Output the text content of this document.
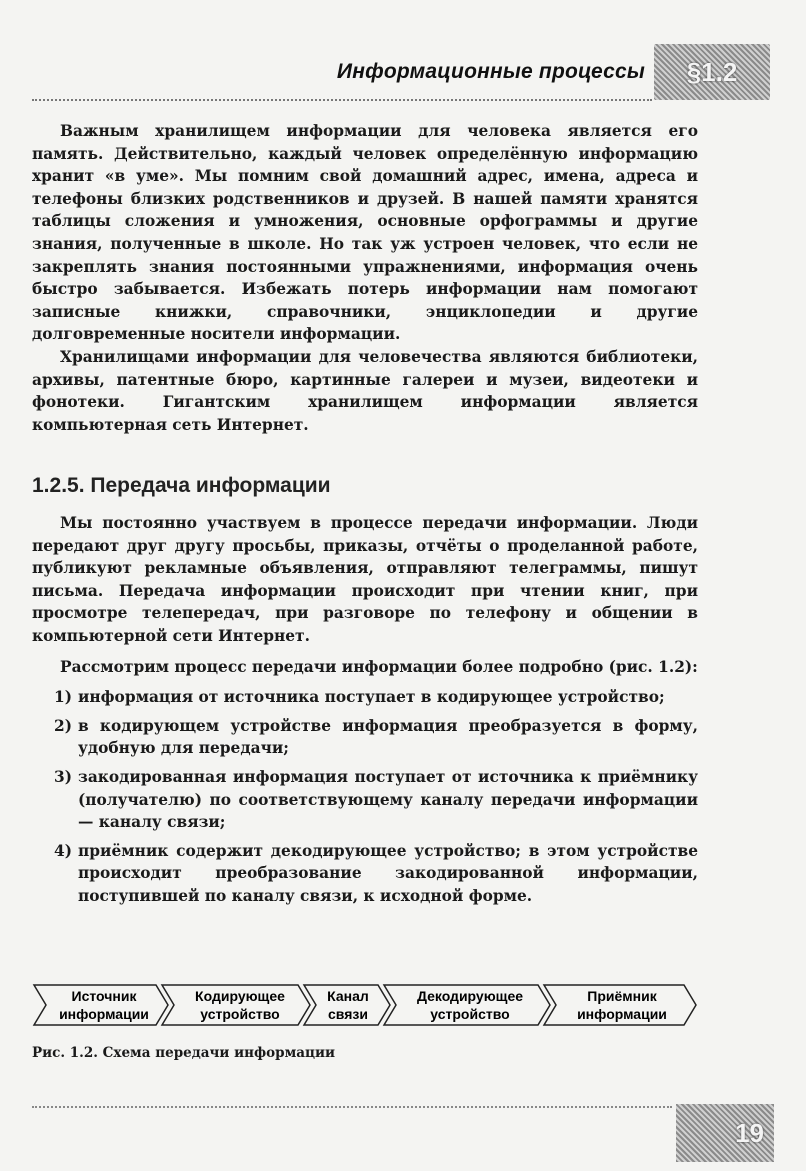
Информационные процессы	§1.2

Важным хранилищем информации для человека является его память. Действительно, каждый человек определённую информацию хранит «в уме». Мы помним свой домашний адрес, имена, адреса и телефоны близких родственников и друзей. В нашей памяти хранятся таблицы сложения и умножения, основные орфограммы и другие знания, полученные в школе. Но так уж устроен человек, что если не закреплять знания постоянными упражнениями, информация очень быстро забывается. Избежать потерь информации нам помогают записные книжки, справочники, энциклопедии и другие долговременные носители информации.

Хранилищами информации для человечества являются библиотеки, архивы, патентные бюро, картинные галереи и музеи, видеотеки и фонотеки. Гигантским хранилищем информации является компьютерная сеть Интернет.

1.2.5. Передача информации

Мы постоянно участвуем в процессе передачи информации. Люди передают друг другу просьбы, приказы, отчёты о проделанной работе, публикуют рекламные объявления, отправляют телеграммы, пишут письма. Передача информации происходит при чтении книг, при просмотре телепередач, при разговоре по телефону и общении в компьютерной сети Интернет.

Рассмотрим процесс передачи информации более подробно (рис. 1.2):

1) информация от источника поступает в кодирующее устройство;
2) в кодирующем устройстве информация преобразуется в форму, удобную для передачи;
3) закодированная информация поступает от источника к приёмнику (получателю) по соответствующему каналу передачи информации — каналу связи;
4) приёмник содержит декодирующее устройство; в этом устройстве происходит преобразование закодированной информации, поступившей по каналу связи, к исходной форме.
Источник
информации
Кодирующее
устройство
Канал
связи
Декодирующее
устройство
Приёмник
информации
Рис. 1.2. Схема передачи информации
19
